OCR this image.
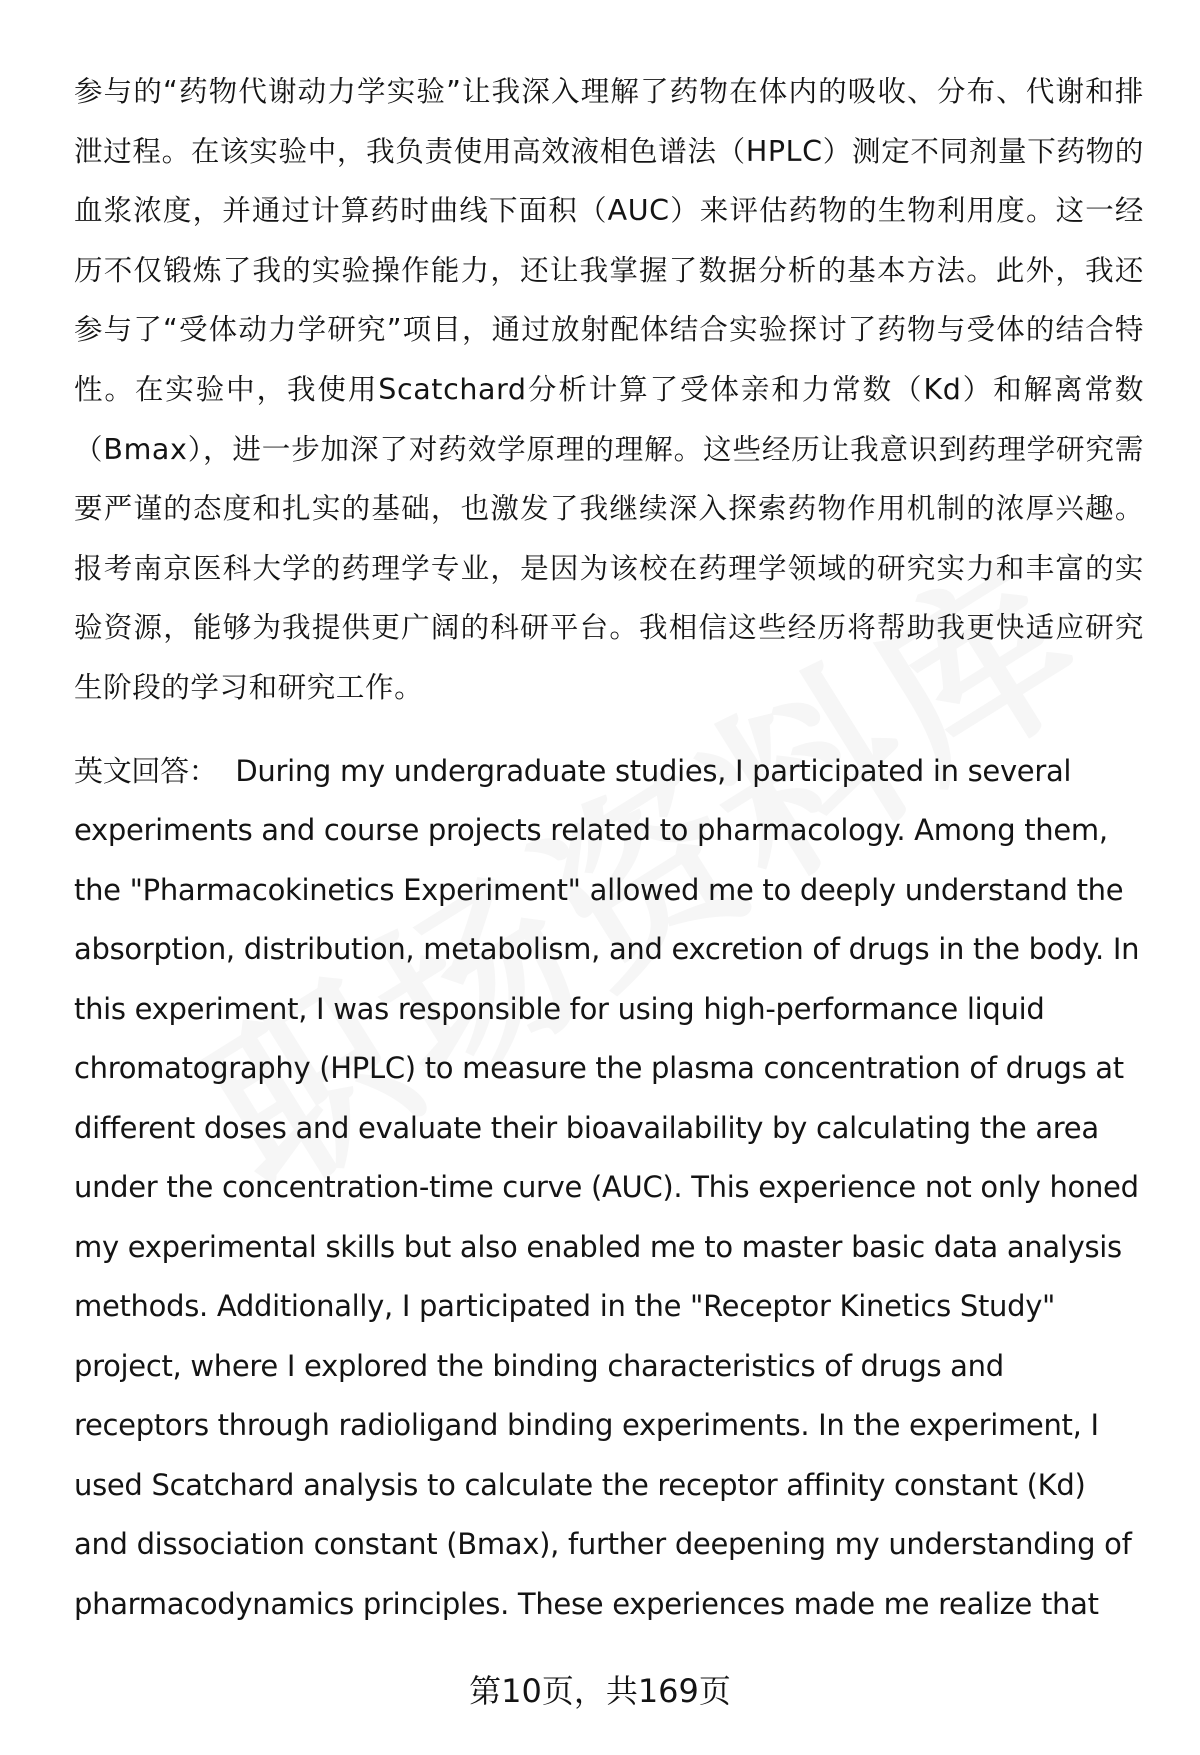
参与的“药物代谢动力学实验”让我深入理解了药物在体内的吸收、分布、代谢和排泄过程。在该实验中，我负责使用高效液相色谱法（HPLC）测定不同剂量下药物的血浆浓度，并通过计算药时曲线下面积（AUC）来评估药物的生物利用度。这一经历不仅锻炼了我的实验操作能力，还让我掌握了数据分析的基本方法。此外，我还参与了“受体动力学研究”项目，通过放射配体结合实验探讨了药物与受体的结合特性。在实验中，我使用Scatchard分析计算了受体亲和力常数（Kd）和解离常数（Bmax），进一步加深了对药效学原理的理解。这些经历让我意识到药理学研究需要严谨的态度和扎实的基础，也激发了我继续深入探索药物作用机制的浓厚兴趣。报考南京医科大学的药理学专业，是因为该校在药理学领域的研究实力和丰富的实验资源，能够为我提供更广阔的科研平台。我相信这些经历将帮助我更快适应研究生阶段的学习和研究工作。

英文回答： During my undergraduate studies, I participated in several experiments and course projects related to pharmacology. Among them, the "Pharmacokinetics Experiment" allowed me to deeply understand the absorption, distribution, metabolism, and excretion of drugs in the body. In this experiment, I was responsible for using high-performance liquid chromatography (HPLC) to measure the plasma concentration of drugs at different doses and evaluate their bioavailability by calculating the area under the concentration-time curve (AUC). This experience not only honed my experimental skills but also enabled me to master basic data analysis methods. Additionally, I participated in the "Receptor Kinetics Study" project, where I explored the binding characteristics of drugs and receptors through radioligand binding experiments. In the experiment, I used Scatchard analysis to calculate the receptor affinity constant (Kd) and dissociation constant (Bmax), further deepening my understanding of pharmacodynamics principles. These experiences made me realize that

第10页，共169页
